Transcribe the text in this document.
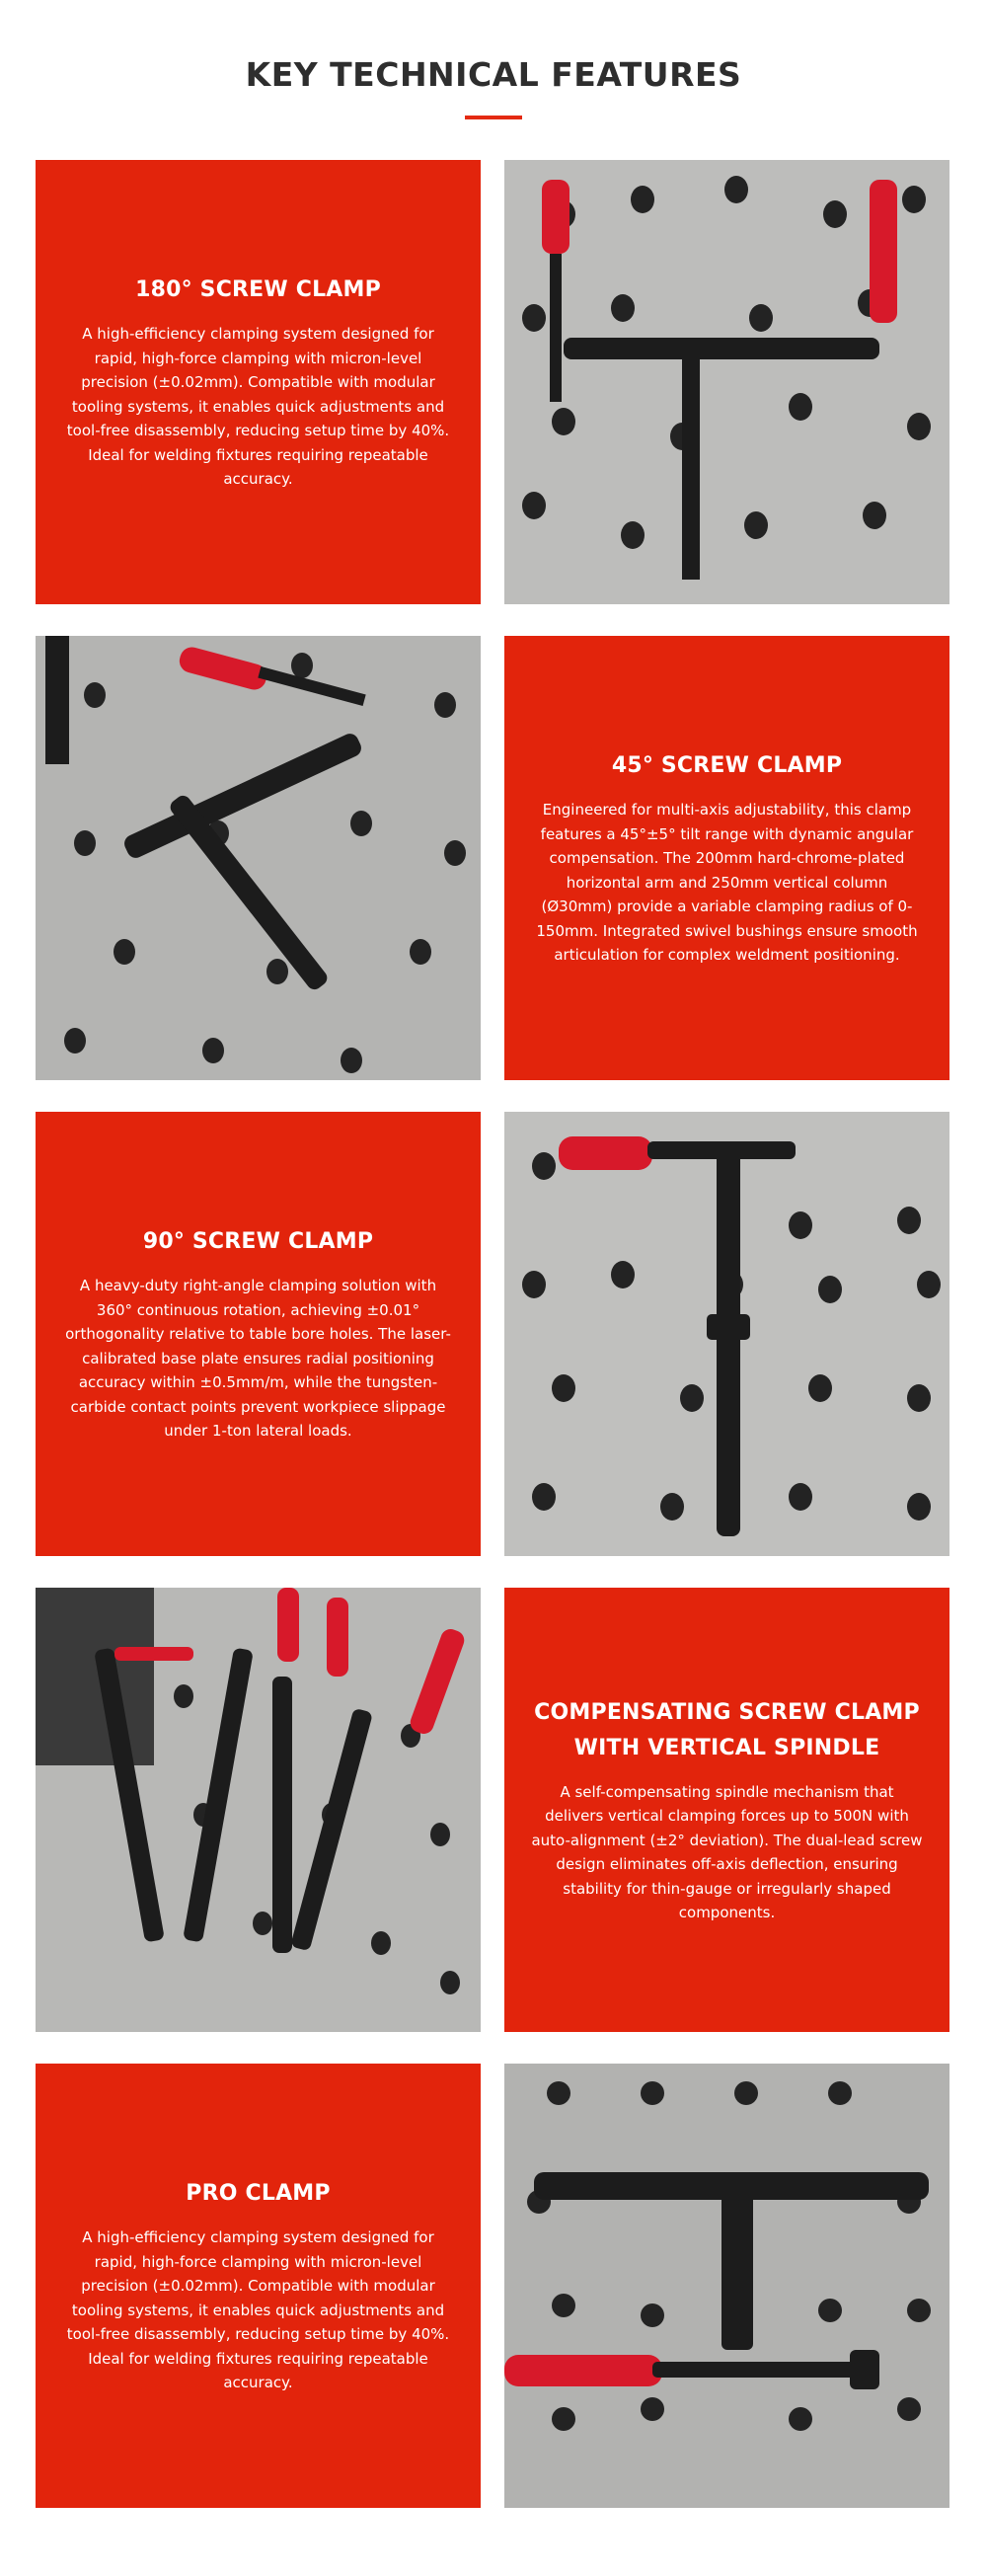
KEY TECHNICAL FEATURES
180° SCREW CLAMP

A high-efficiency clamping system designed for rapid, high-force clamping with micron-level precision (±0.02mm). Compatible with modular tooling systems, it enables quick adjustments and tool-free disassembly, reducing setup time by 40%. Ideal for welding fixtures requiring repeatable accuracy.

45° SCREW CLAMP

Engineered for multi-axis adjustability, this clamp features a 45°±5° tilt range with dynamic angular compensation. The 200mm hard-chrome-plated horizontal arm and 250mm vertical column (Ø30mm) provide a variable clamping radius of 0-150mm. Integrated swivel bushings ensure smooth articulation for complex weldment positioning.

90° SCREW CLAMP

A heavy-duty right-angle clamping solution with 360° continuous rotation, achieving ±0.01° orthogonality relative to table bore holes. The laser-calibrated base plate ensures radial positioning accuracy within ±0.5mm/m, while the tungsten-carbide contact points prevent workpiece slippage under 1-ton lateral loads.

COMPENSATING SCREW CLAMP WITH VERTICAL SPINDLE

A self-compensating spindle mechanism that delivers vertical clamping forces up to 500N with auto-alignment (±2° deviation). The dual-lead screw design eliminates off-axis deflection, ensuring stability for thin-gauge or irregularly shaped components.

PRO CLAMP

A high-efficiency clamping system designed for rapid, high-force clamping with micron-level precision (±0.02mm). Compatible with modular tooling systems, it enables quick adjustments and tool-free disassembly, reducing setup time by 40%. Ideal for welding fixtures requiring repeatable accuracy.
